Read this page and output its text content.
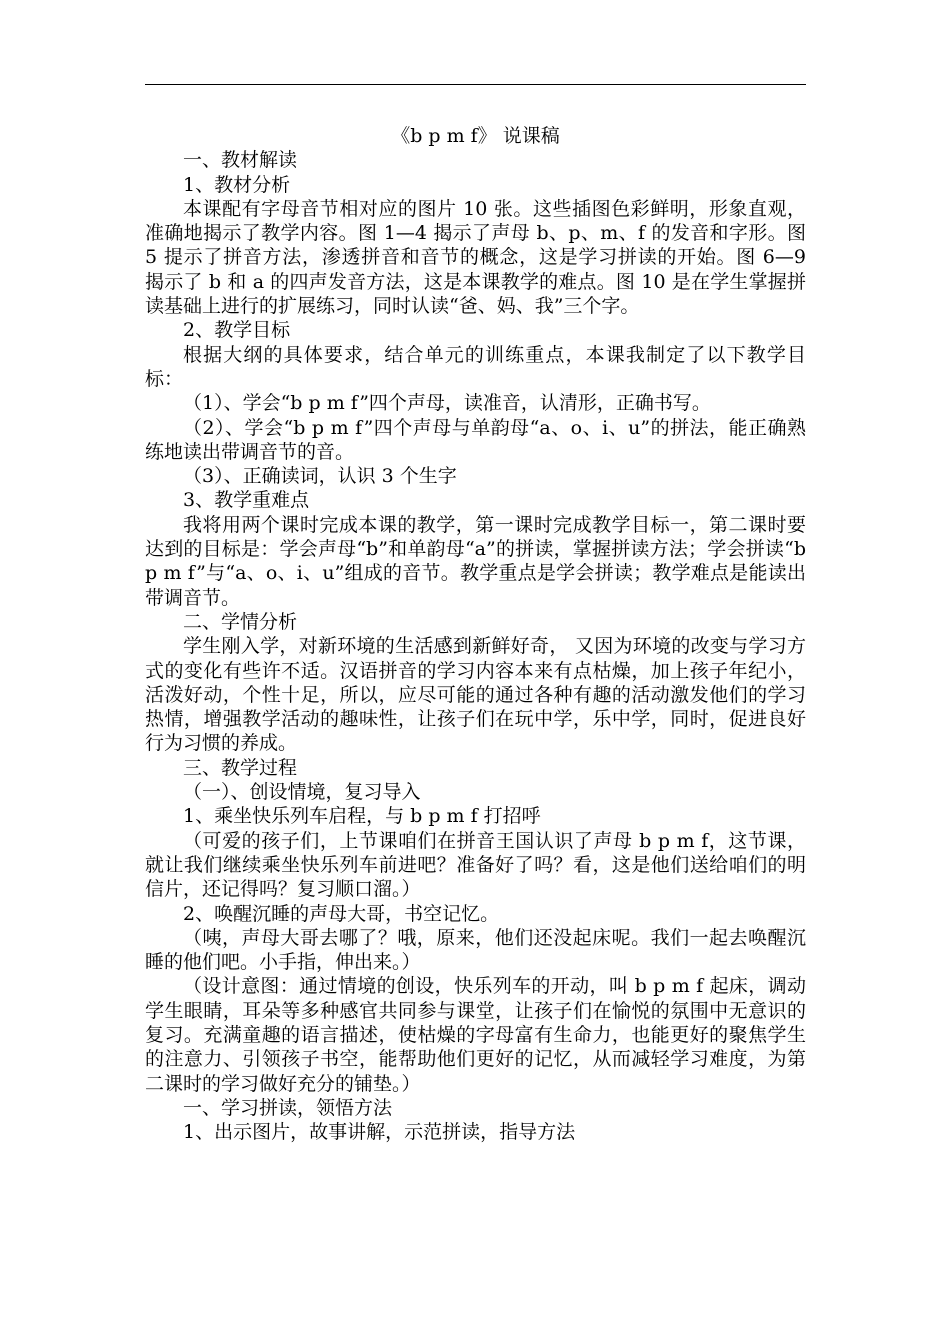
《b p m f》 说课稿

一、教材解读

1、教材分析

本课配有字母音节相对应的图片 10 张。这些插图色彩鲜明，形象直观，准确地揭示了教学内容。图 1—4 揭示了声母 b、p、m、f 的发音和字形。图 5 提示了拼音方法，渗透拼音和音节的概念，这是学习拼读的开始。图 6—9 揭示了 b 和 a 的四声发音方法，这是本课教学的难点。图 10 是在学生掌握拼读基础上进行的扩展练习，同时认读“爸、妈、我”三个字。

2、教学目标

根据大纲的具体要求，结合单元的训练重点，本课我制定了以下教学目标：

（1）、学会“b p m f”四个声母，读准音，认清形，正确书写。

（2）、学会“b p m f”四个声母与单韵母“a、o、i、u”的拼法，能正确熟练地读出带调音节的音。

（3）、正确读词，认识 3 个生字

3、教学重难点

我将用两个课时完成本课的教学，第一课时完成教学目标一，第二课时要达到的目标是：学会声母“b”和单韵母“a”的拼读，掌握拼读方法；学会拼读“b p m f”与“a、o、i、u”组成的音节。教学重点是学会拼读；教学难点是能读出带调音节。

二、学情分析

学生刚入学，对新环境的生活感到新鲜好奇， 又因为环境的改变与学习方式的变化有些许不适。汉语拼音的学习内容本来有点枯燥，加上孩子年纪小，活泼好动，个性十足，所以，应尽可能的通过各种有趣的活动激发他们的学习热情，增强教学活动的趣味性，让孩子们在玩中学，乐中学，同时，促进良好行为习惯的养成。

三、教学过程

（一）、创设情境，复习导入

1、乘坐快乐列车启程，与 b p m f 打招呼

（可爱的孩子们，上节课咱们在拼音王国认识了声母 b p m f，这节课，就让我们继续乘坐快乐列车前进吧？准备好了吗？看，这是他们送给咱们的明信片，还记得吗？复习顺口溜。）

2、唤醒沉睡的声母大哥，书空记忆。

（咦，声母大哥去哪了？哦，原来，他们还没起床呢。我们一起去唤醒沉睡的他们吧。小手指，伸出来。）

（设计意图：通过情境的创设，快乐列车的开动，叫 b p m f 起床，调动学生眼睛，耳朵等多种感官共同参与课堂，让孩子们在愉悦的氛围中无意识的复习。充满童趣的语言描述，使枯燥的字母富有生命力，也能更好的聚焦学生的注意力、引领孩子书空，能帮助他们更好的记忆，从而减轻学习难度，为第二课时的学习做好充分的铺垫。）

一、学习拼读，领悟方法

1、出示图片，故事讲解，示范拼读，指导方法
